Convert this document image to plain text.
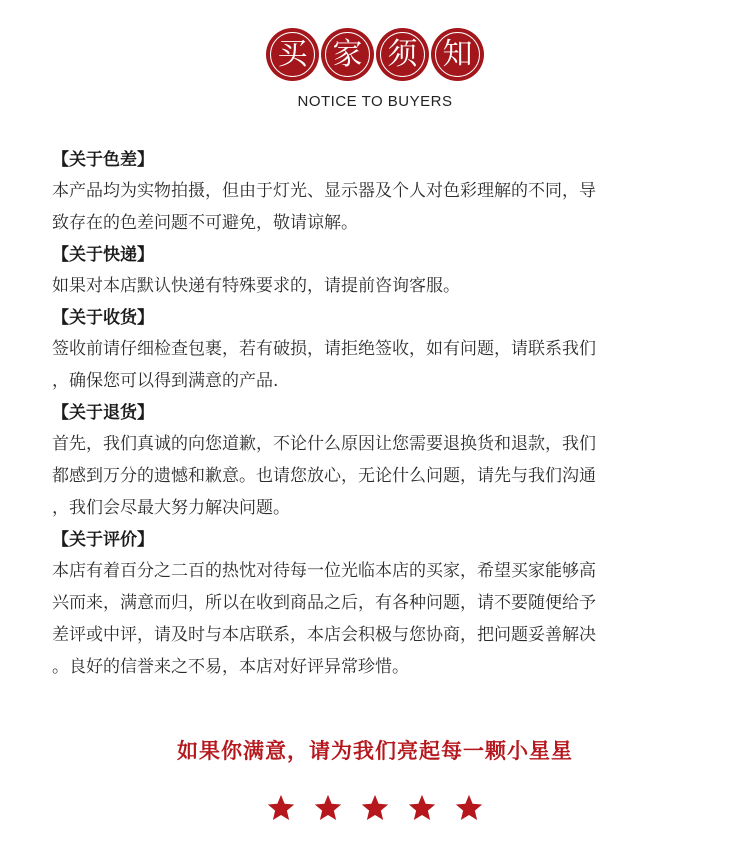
买 家 须 知
NOTICE TO BUYERS
【关于色差】
本产品均为实物拍摄，但由于灯光、显示器及个人对色彩理解的不同，导
致存在的色差问题不可避免，敬请谅解。
【关于快递】
如果对本店默认快递有特殊要求的，请提前咨询客服。
【关于收货】
签收前请仔细检查包裹，若有破损，请拒绝签收，如有问题，请联系我们
，确保您可以得到满意的产品.
【关于退货】
首先，我们真诚的向您道歉，不论什么原因让您需要退换货和退款，我们
都感到万分的遗憾和歉意。也请您放心，无论什么问题，请先与我们沟通
，我们会尽最大努力解决问题。
【关于评价】
本店有着百分之二百的热忱对待每一位光临本店的买家，希望买家能够高
兴而来，满意而归，所以在收到商品之后，有各种问题，请不要随便给予
差评或中评，请及时与本店联系，本店会积极与您协商，把问题妥善解决
。良好的信誉来之不易，本店对好评异常珍惜。
如果你满意，请为我们亮起每一颗小星星
